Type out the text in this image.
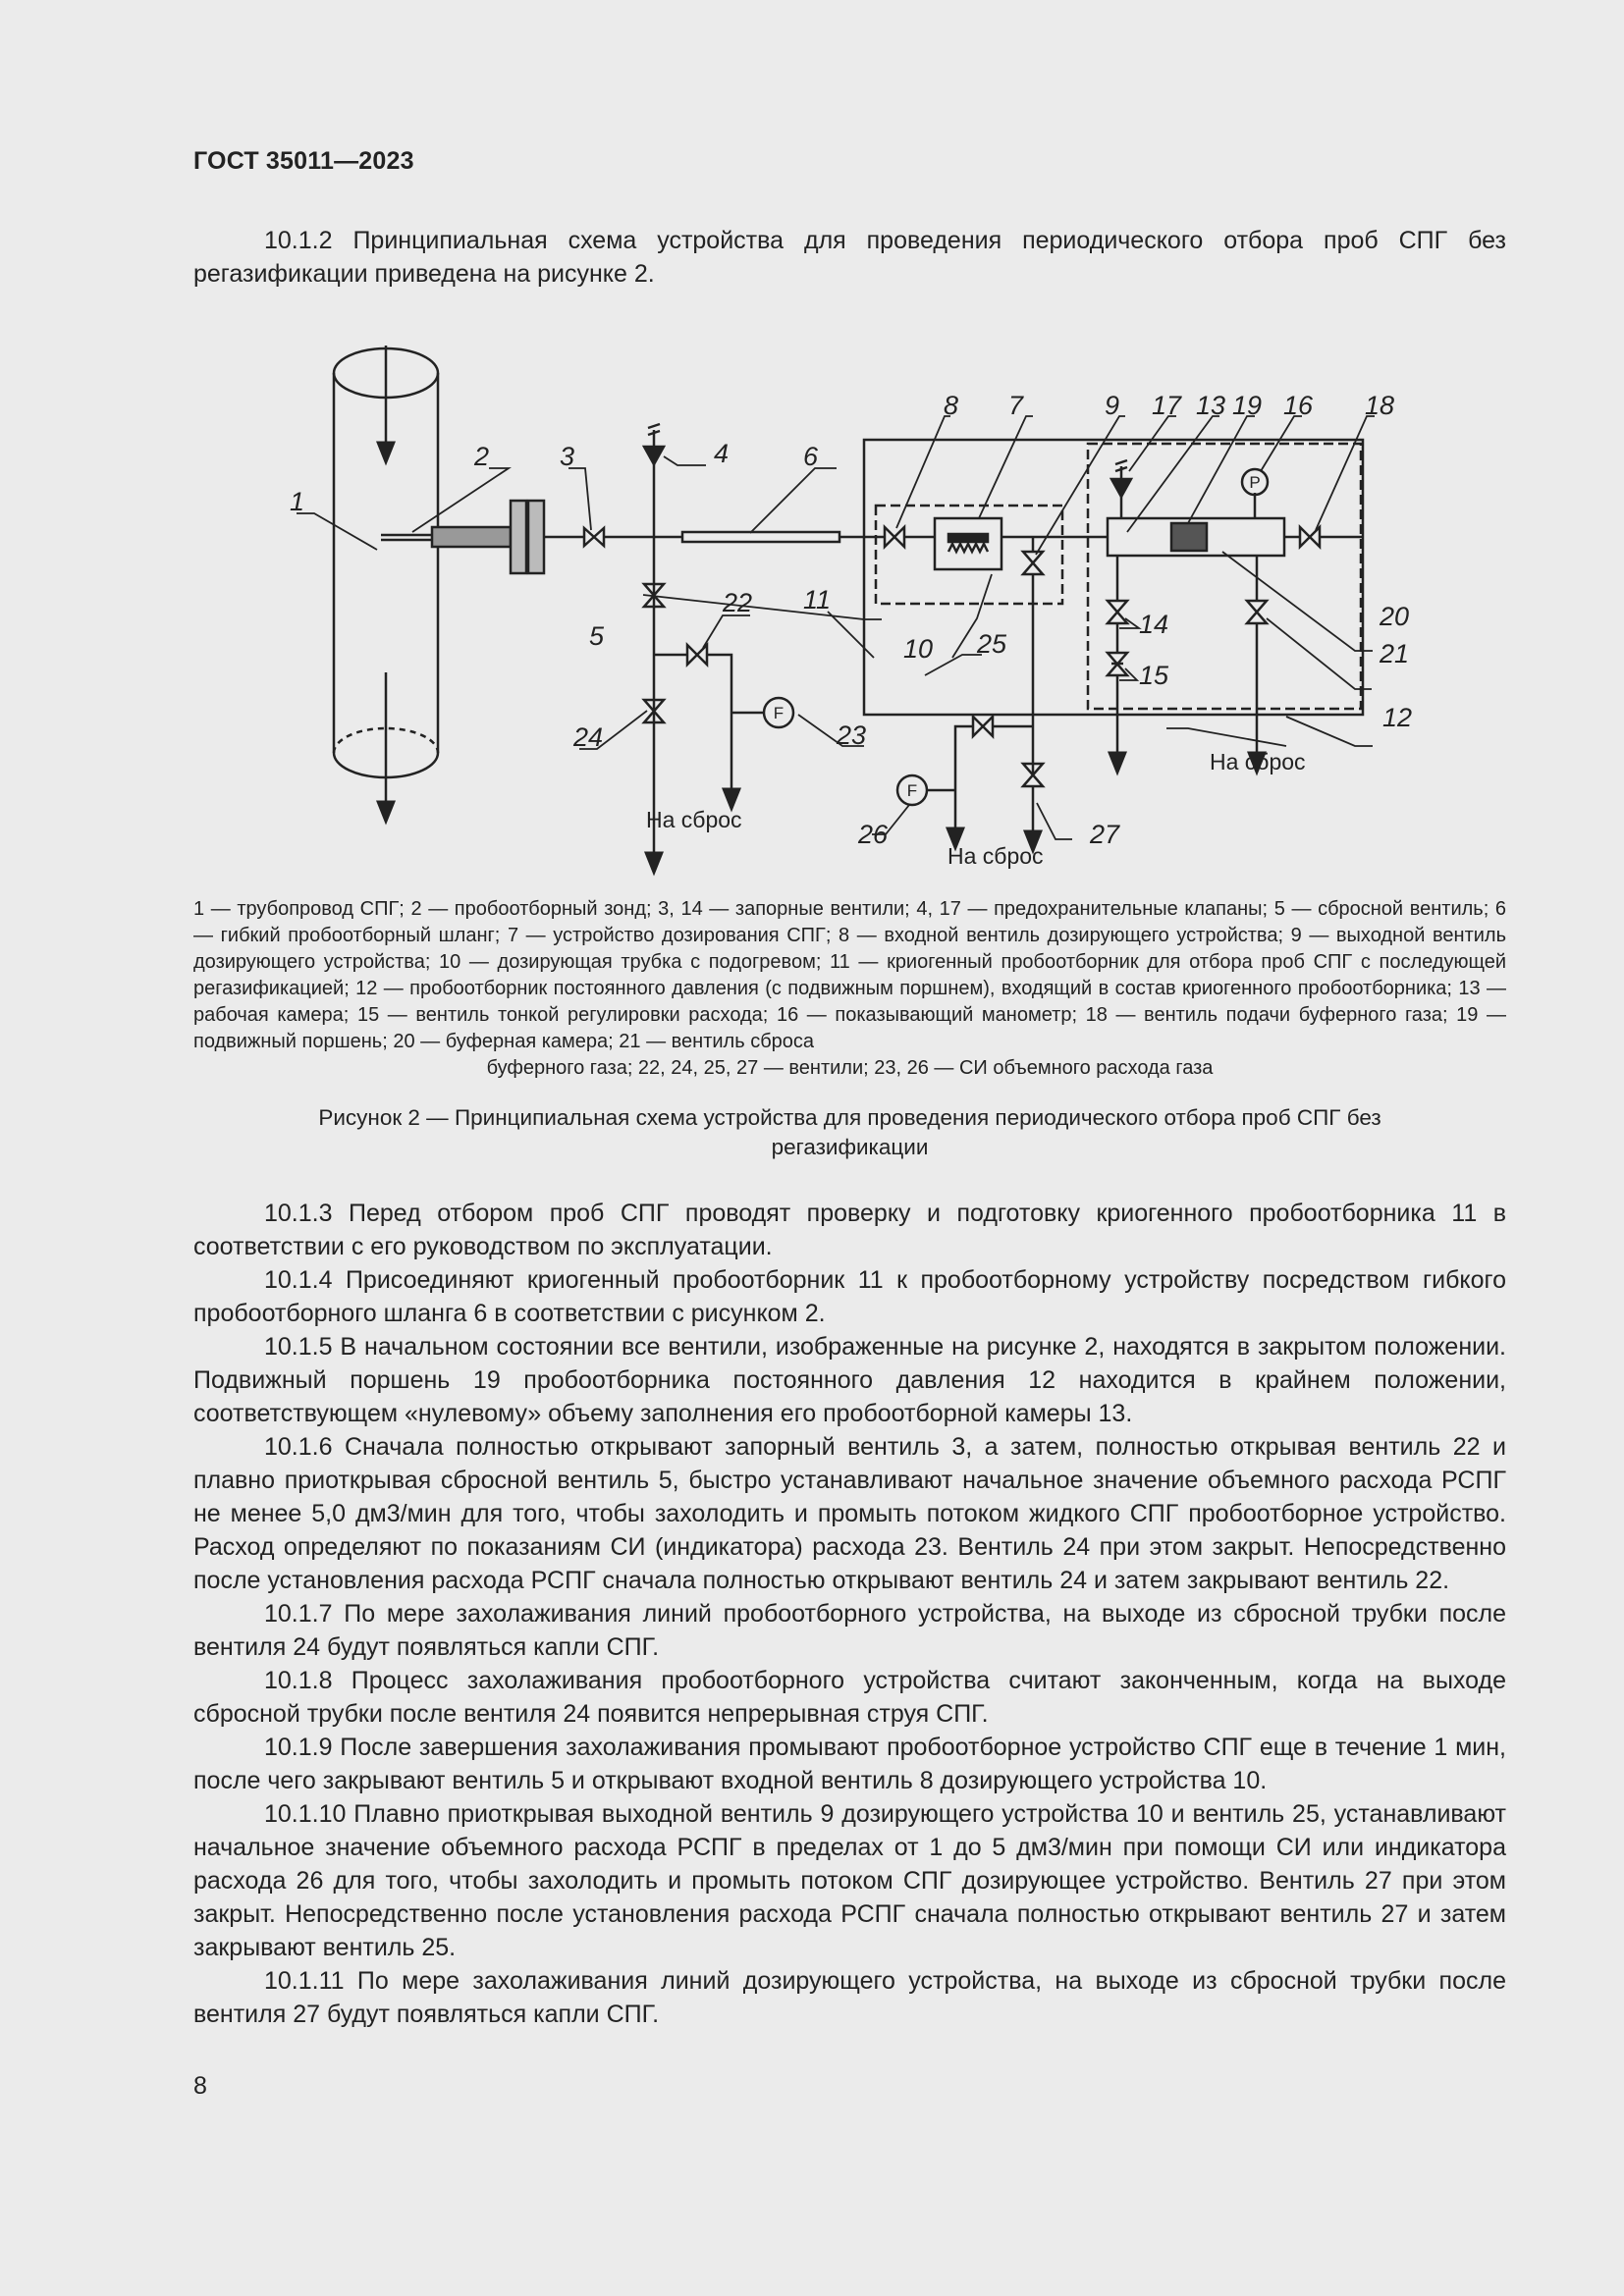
ГОСТ 35011—2023

10.1.2 Принципиальная схема устройства для проведения периодического отбора проб СПГ без регазификации приведена на рисунке 2.

1
2	3	4
5
6
7
8	9
10
11
12
13
14
15
16
17	18
19
20
21
22
23
24
25
26	27
F
F
P
На сброс
На сброс
На сброс
1 — трубопровод СПГ; 2 — пробоотборный зонд; 3, 14 — запорные вентили; 4, 17 — предохранительные клапаны; 5 — сбросной вентиль; 6 — гибкий пробоотборный шланг; 7 — устройство дозирования СПГ; 8 — входной вентиль дозирующего устройства; 9 — выходной вентиль дозирующего устройства; 10 — дозирующая трубка с подогревом; 11 — криогенный пробоотборник для отбора проб СПГ с последующей регазификацией; 12 — пробоотборник постоянного давления (с подвижным поршнем), входящий в состав криогенного пробоотборника; 13 — рабочая камера; 15 — вентиль тонкой регулировки расхода; 16 — показывающий манометр; 18 — вентиль подачи буферного газа; 19 — подвижный поршень; 20 — буферная камера; 21 — вентиль сброса
буферного газа; 22, 24, 25, 27 — вентили; 23, 26 — СИ объемного расхода газа
Рисунок 2 — Принципиальная схема устройства для проведения периодического отбора проб СПГ без
регазификации

10.1.3 Перед отбором проб СПГ проводят проверку и подготовку криогенного пробоотборника 11 в соответствии с его руководством по эксплуатации.

10.1.4 Присоединяют криогенный пробоотборник 11 к пробоотборному устройству посредством гибкого пробоотборного шланга 6 в соответствии с рисунком 2.

10.1.5 В начальном состоянии все вентили, изображенные на рисунке 2, находятся в закрытом положении. Подвижный поршень 19 пробоотборника постоянного давления 12 находится в крайнем положении, соответствующем «нулевому» объему заполнения его пробоотборной камеры 13.

10.1.6 Сначала полностью открывают запорный вентиль 3, а затем, полностью открывая вентиль 22 и плавно приоткрывая сбросной вентиль 5, быстро устанавливают начальное значение объемного расхода РСПГ не менее 5,0 дм3/мин для того, чтобы захолодить и промыть потоком жидкого СПГ пробоотборное устройство. Расход определяют по показаниям СИ (индикатора) расхода 23. Вентиль 24 при этом закрыт. Непосредственно после установления расхода РСПГ сначала полностью открывают вентиль 24 и затем закрывают вентиль 22.

10.1.7 По мере захолаживания линий пробоотборного устройства, на выходе из сбросной трубки после вентиля 24 будут появляться капли СПГ.

10.1.8 Процесс захолаживания пробоотборного устройства считают законченным, когда на выходе сбросной трубки после вентиля 24 появится непрерывная струя СПГ.

10.1.9 После завершения захолаживания промывают пробоотборное устройство СПГ еще в течение 1 мин, после чего закрывают вентиль 5 и открывают входной вентиль 8 дозирующего устройства 10.

10.1.10 Плавно приоткрывая выходной вентиль 9 дозирующего устройства 10 и вентиль 25, устанавливают начальное значение объемного расхода РСПГ в пределах от 1 до 5 дм3/мин при помощи СИ или индикатора расхода 26 для того, чтобы захолодить и промыть потоком СПГ дозирующее устройство. Вентиль 27 при этом закрыт. Непосредственно после установления расхода РСПГ сначала полностью открывают вентиль 27 и затем закрывают вентиль 25.

10.1.11 По мере захолаживания линий дозирующего устройства, на выходе из сбросной трубки после вентиля 27 будут появляться капли СПГ.

8
